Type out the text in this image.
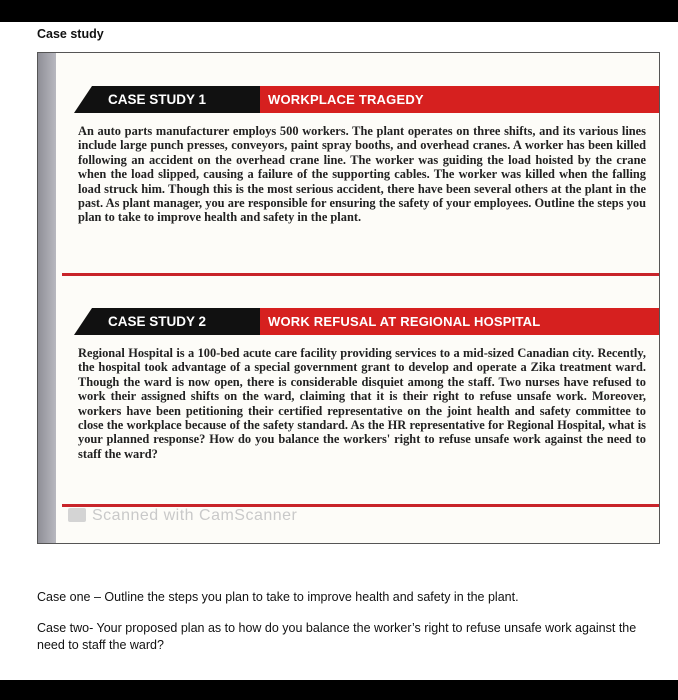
Case study
CASE STUDY 1	WORKPLACE TRAGEDY
An auto parts manufacturer employs 500 workers. The plant operates on three shifts, and its various lines include large punch presses, conveyors, paint spray booths, and overhead cranes. A worker has been killed following an accident on the overhead crane line. The worker was guiding the load hoisted by the crane when the load slipped, causing a failure of the supporting cables. The worker was killed when the falling load struck him. Though this is the most serious accident, there have been several others at the plant in the past. As plant manager, you are responsible for ensuring the safety of your employees. Outline the steps you plan to take to improve health and safety in the plant.
CASE STUDY 2	WORK REFUSAL AT REGIONAL HOSPITAL
Regional Hospital is a 100-bed acute care facility providing services to a mid-sized Canadian city. Recently, the hospital took advantage of a special government grant to develop and operate a Zika treatment ward. Though the ward is now open, there is considerable disquiet among the staff. Two nurses have refused to work their assigned shifts on the ward, claiming that it is their right to refuse unsafe work. Moreover, workers have been petitioning their certified representative on the joint health and safety committee to close the workplace because of the safety standard. As the HR representative for Regional Hospital, what is your planned response? How do you balance the workers' right to refuse unsafe work against the need to staff the ward?
Scanned with CamScanner
Case one – Outline the steps you plan to take to improve health and safety in the plant.
Case two- Your proposed plan as to how do you balance the worker’s right to refuse unsafe work against the need to staff the ward?
